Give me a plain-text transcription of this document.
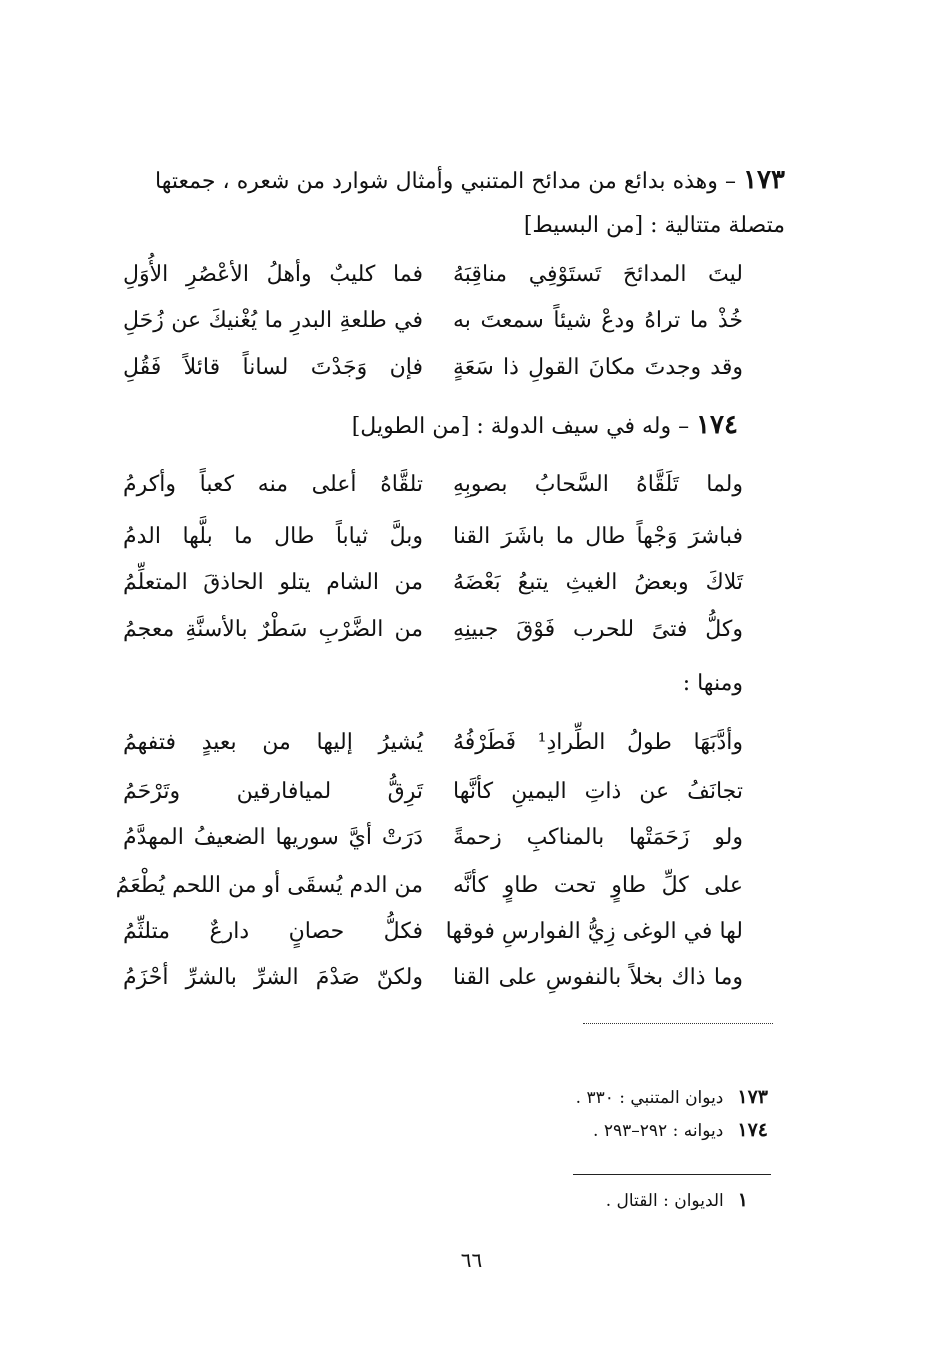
١٧٣ – وهذه بدائع من مدائح المتنبي وأمثال شوارد من شعره ، جمعتها متصلة متتالية : [من البسيط]
ليتَ المدائحَ تَستَوْفِي مناقِبَهُ
فما كليبٌ وأهلُ الأعْصُرِ الأُوَلِ
خُذْ ما تراهُ ودعْ شيئاً سمعتَ به
في طلعةِ البدرِ ما يُغْنيكَ عن زُحَلِ
وقد وجدتَ مكانَ القولِ ذا سَعَةٍ
فإن وَجَدْتَ لساناً قائلاً فَقُلِ
١٧٤ – وله في سيف الدولة : [من الطويل]
ولما تَلَقَّاهُ السَّحابُ بصوبِهِ
تلقَّاهُ أعلى منه كعباً وأكرمُ
فباشرَ وَجْهاً طال ما باشَرَ القنا
وبلَّ ثياباً طال ما بلَّها الدمُ
تَلاكَ وبعضُ الغيثِ يتبعُ بَعْضَهُ
من الشام يتلو الحاذقَ المتعلِّمُ
وكلُّ فتىً للحرب فَوْقَ جبينِهِ
من الضَّرْبِ سَطْرٌ بالأسنَّةِ معجمُ
ومنها :
وأدَّبَهَا طولُ الطِّرادِ¹ فَطَرْفُهُ
يُشيرُ إليها من بعيدٍ فتفهمُ
تجانَفُ عن ذاتِ اليمينِ كأنَّها
تَرِقُّ لميافارقين وتَرْحَمُ
ولو زَحَمَتْها بالمناكبِ زحمةً
دَرَتْ أيَّ سوريها الضعيفُ المهدَّمُ
على كلِّ طاوٍ تحت طاوٍ كأنَّه
من الدم يُسقَى أو من اللحم يُطْعَمُ
لها في الوغى زِيُّ الفوارسِ فوقها
فكلُّ حصانٍ دارعٌ متلثِّمُ
وما ذاك بخلاً بالنفوسِ على القنا
ولكنّ صَدْمَ الشرِّ بالشرِّ أحْزَمُ
١٧٣ديوان المتنبي : ٣٣٠ .
١٧٤ديوانه : ٢٩٢–٢٩٣ .
١الديوان : القتال .
٦٦
